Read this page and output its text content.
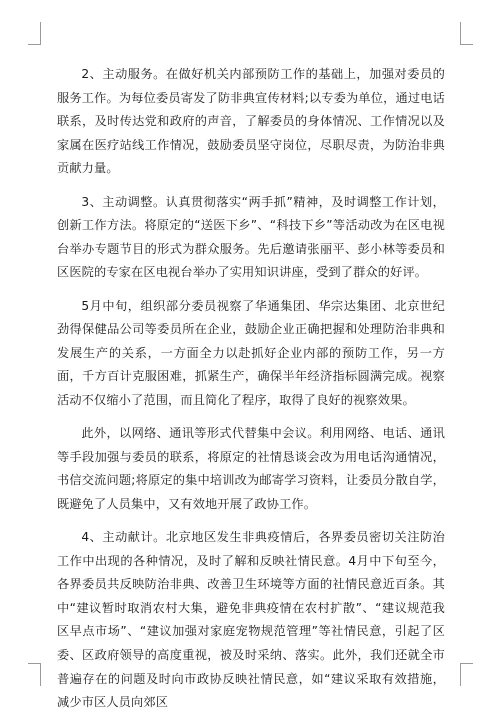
2、主动服务。在做好机关内部预防工作的基础上，加强对委员的服务工作。为每位委员寄发了防非典宣传材料;以专委为单位，通过电话联系，及时传达党和政府的声音，了解委员的身体情况、工作情况以及家属在医疗站线工作情况，鼓励委员坚守岗位，尽职尽责，为防治非典贡献力量。

3、主动调整。认真贯彻落实“两手抓”精神，及时调整工作计划，创新工作方法。将原定的“送医下乡”、“科技下乡”等活动改为在区电视台举办专题节目的形式为群众服务。先后邀请张丽平、彭小林等委员和区医院的专家在区电视台举办了实用知识讲座，受到了群众的好评。

5月中旬，组织部分委员视察了华通集团、华宗达集团、北京世纪劲得保健品公司等委员所在企业，鼓励企业正确把握和处理防治非典和发展生产的关系，一方面全力以赴抓好企业内部的预防工作，另一方面，千方百计克服困难，抓紧生产，确保半年经济指标圆满完成。视察活动不仅缩小了范围，而且简化了程序，取得了良好的视察效果。

此外，以网络、通讯等形式代替集中会议。利用网络、电话、通讯等手段加强与委员的联系，将原定的社情恳谈会改为用电话沟通情况，书信交流问题;将原定的集中培训改为邮寄学习资料，让委员分散自学，既避免了人员集中，又有效地开展了政协工作。

4、主动献计。北京地区发生非典疫情后，各界委员密切关注防治工作中出现的各种情况，及时了解和反映社情民意。4月中下旬至今，各界委员共反映防治非典、改善卫生环境等方面的社情民意近百条。其中“建议暂时取消农村大集，避免非典疫情在农村扩散”、“建议规范我区早点市场”、“建议加强对家庭宠物规范管理”等社情民意，引起了区委、区政府领导的高度重视，被及时采纳、落实。此外，我们还就全市普遍存在的问题及时向市政协反映社情民意，如“建议采取有效措施，减少市区人员向郊区
